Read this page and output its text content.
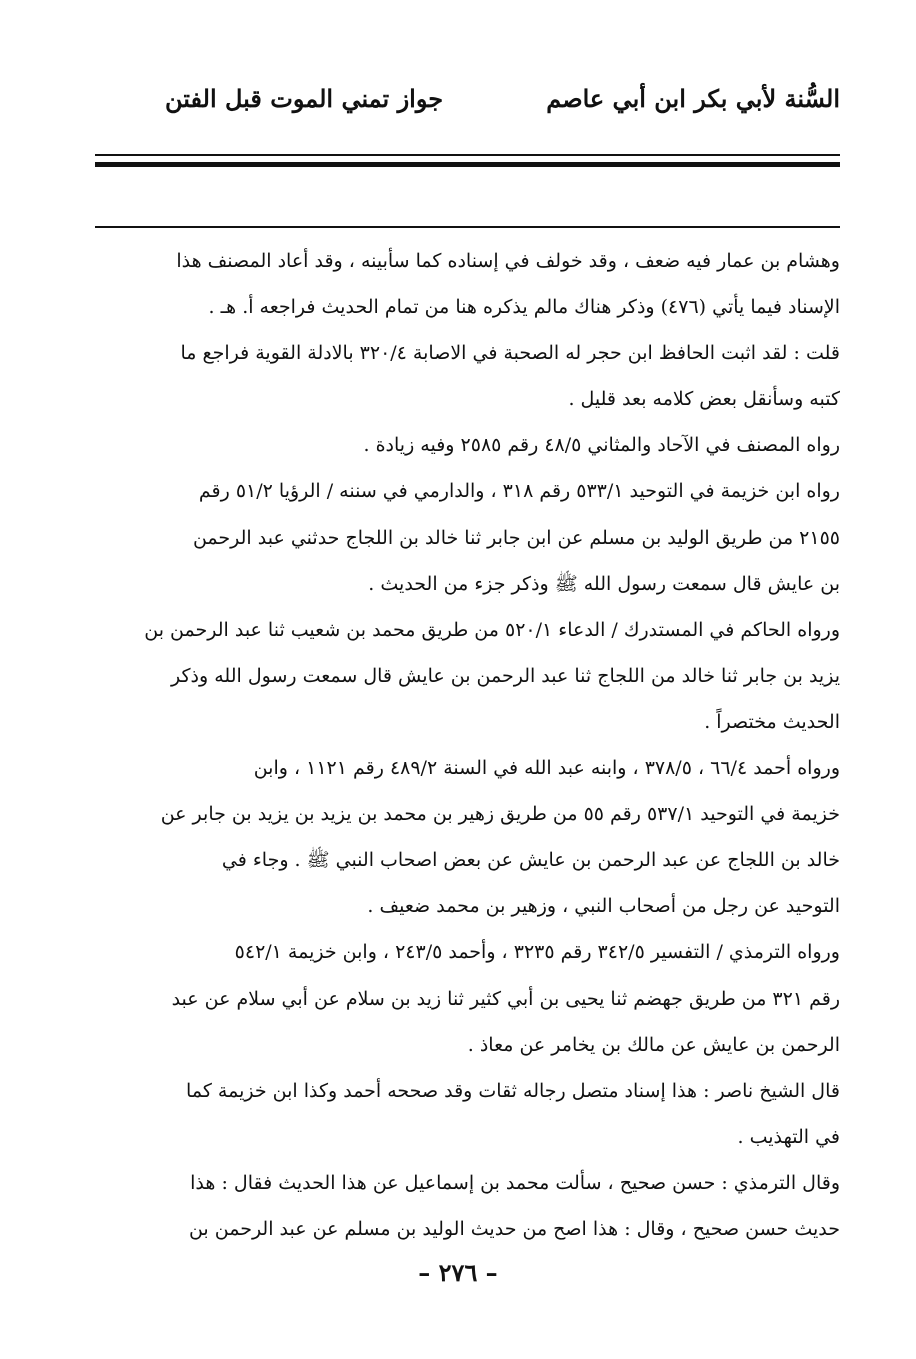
السُّنة لأبي بكر ابن أبي عاصم
جواز تمني الموت قبل الفتن
وهشام بن عمار فيه ضعف ، وقد خولف في إسناده كما سأبينه ، وقد أعاد المصنف هذا
الإسناد فيما يأتي (٤٧٦) وذكر هناك مالم يذكره هنا من تمام الحديث فراجعه أ. هـ .
قلت : لقد اثبت الحافظ ابن حجر له الصحبة في الاصابة ٣٢٠/٤ بالادلة القوية فراجع ما
كتبه وسأنقل بعض كلامه بعد قليل .
رواه المصنف في الآحاد والمثاني ٤٨/٥ رقم ٢٥٨٥ وفيه زيادة .
رواه ابن خزيمة في التوحيد ٥٣٣/١ رقم ٣١٨ ، والدارمي في سننه / الرؤيا ٥١/٢ رقم
٢١٥٥ من طريق الوليد بن مسلم عن ابن جابر ثنا خالد بن اللجاج حدثني عبد الرحمن
بن عايش قال سمعت رسول الله ﷺ وذكر جزء من الحديث .
ورواه الحاكم في المستدرك / الدعاء ٥٢٠/١ من طريق محمد بن شعيب ثنا عبد الرحمن بن
يزيد بن جابر ثنا خالد من اللجاج ثنا عبد الرحمن بن عايش قال سمعت رسول الله وذكر
الحديث مختصراً .
ورواه أحمد ٦٦/٤ ، ٣٧٨/٥ ، وابنه عبد الله في السنة ٤٨٩/٢ رقم ١١٢١ ، وابن
خزيمة في التوحيد ٥٣٧/١ رقم ٥٥ من طريق زهير بن محمد بن يزيد بن يزيد بن جابر عن
خالد بن اللجاج عن عبد الرحمن بن عايش عن بعض اصحاب النبي ﷺ . وجاء في
التوحيد عن رجل من أصحاب النبي ، وزهير بن محمد ضعيف .
ورواه الترمذي / التفسير ٣٤٢/٥ رقم ٣٢٣٥ ، وأحمد ٢٤٣/٥ ، وابن خزيمة ٥٤٢/١
رقم ٣٢١ من طريق جهضم ثنا يحيى بن أبي كثير ثنا زيد بن سلام عن أبي سلام عن عبد
الرحمن بن عايش عن مالك بن يخامر عن معاذ .
قال الشيخ ناصر : هذا إسناد متصل رجاله ثقات وقد صححه أحمد وكذا ابن خزيمة كما
في التهذيب .
وقال الترمذي : حسن صحيح ، سألت محمد بن إسماعيل عن هذا الحديث فقال : هذا
حديث حسن صحيح ، وقال : هذا اصح من حديث الوليد بن مسلم عن عبد الرحمن بن
– ٢٧٦ –
